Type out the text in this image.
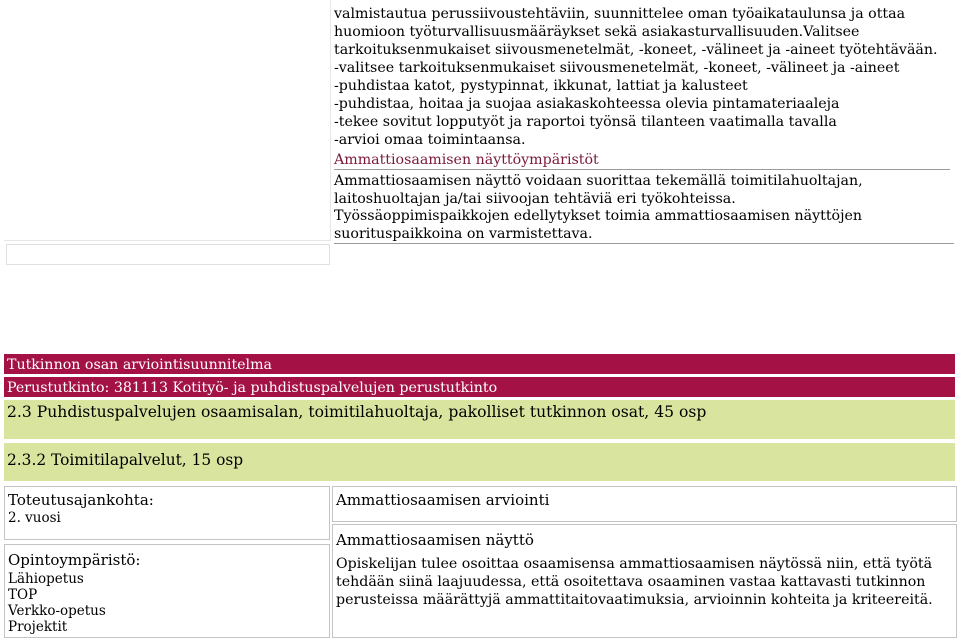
valmistautua perussiivoustehtäviin, suunnittelee oman työaikataulunsa ja ottaa huomioon työturvallisuusmääräykset sekä asiakasturvallisuuden.Valitsee tarkoituksenmukaiset siivousmenetelmät, -koneet, -välineet ja -aineet työtehtävään.
-valitsee tarkoituksenmukaiset siivousmenetelmät, -koneet, -välineet ja -aineet
-puhdistaa katot, pystypinnat, ikkunat, lattiat ja kalusteet
-puhdistaa, hoitaa ja suojaa asiakaskohteessa olevia pintamateriaaleja
-tekee sovitut lopputyöt ja raportoi työnsä tilanteen vaatimalla tavalla
-arvioi omaa toimintaansa.
Ammattiosaamisen näyttöympäristöt
Ammattiosaamisen näyttö voidaan suorittaa tekemällä toimitilahuoltajan, laitoshuoltajan ja/tai siivoojan tehtäviä eri työkohteissa.
Työssäoppimispaikkojen edellytykset toimia ammattiosaamisen näyttöjen suorituspaikkoina on varmistettava.
Tutkinnon osan arviointisuunnitelma
Perustutkinto: 381113 Kotityö- ja puhdistuspalvelujen perustutkinto
2.3 Puhdistuspalvelujen osaamisalan, toimitilahuoltaja, pakolliset tutkinnon osat, 45 osp
2.3.2 Toimitilapalvelut, 15 osp
Toteutusajankohta:
2. vuosi
Opintoympäristö:
Lähiopetus
TOP
Verkko-opetus
Projektit
Ammattiosaamisen arviointi
Ammattiosaamisen näyttö
Opiskelijan tulee osoittaa osaamisensa ammattiosaamisen näytössä niin, että työtä tehdään siinä laajuudessa, että osoitettava osaaminen vastaa kattavasti tutkinnon perusteissa määrättyjä ammattitaitovaatimuksia, arvioinnin kohteita ja kriteereitä.
